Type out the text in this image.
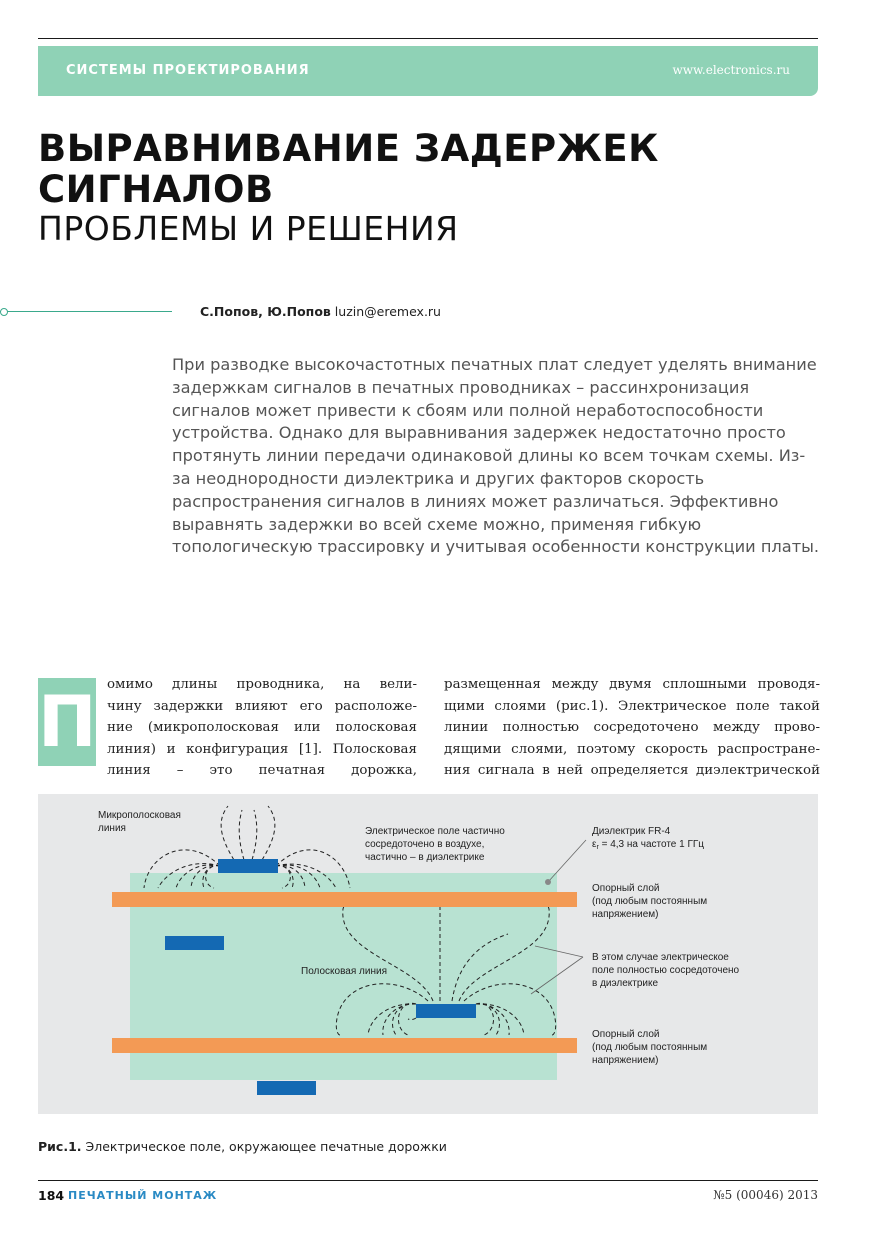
СИСТЕМЫ ПРОЕКТИРОВАНИЯ	www.electronics.ru
ВЫРАВНИВАНИЕ ЗАДЕРЖЕК
СИГНАЛОВ
ПРОБЛЕМЫ И РЕШЕНИЯ
С.Попов, Ю.Попов luzin@eremex.ru

При разводке высокочастотных печатных плат следует уделять внимание задержкам сигналов в печатных проводниках – рассинхронизация сигналов может привести к сбоям или полной неработоспособности устройства. Однако для выравнивания задержек недостаточно просто протянуть линии передачи одинаковой длины ко всем точкам схемы. Из-за неоднородности диэлектрика и других факторов скорость распространения сигналов в линиях может различаться. Эффективно выравнять задержки во всей схеме можно, применяя гибкую топологическую трассировку и учитывая особенности конструкции платы.

П омимо длины проводника, на вели-
чину задержки влияют его расположе-
ние (микрополосковая или полосковая
линия) и конфигурация [1]. Полосковая
линия – это печатная дорожка,
размещенная между двумя сплошными проводя-
щими слоями (рис.1). Электрическое поле такой
линии полностью сосредоточено между прово-
дящими слоями, поэтому скорость распростране-
ния сигнала в ней определяется диэлектрической
Микрополосковая
линия	Электрическое поле частично
сосредоточено в воздухе,
частично – в диэлектрике
Диэлектрик FR-4
$\varepsilon_r = 4,3$ на частоте 1 ГГц
Опорный слой
(под любым постоянным
напряжением)
Полосковая линия
В этом случае электрическое
поле полностью сосредоточено
в диэлектрике
Опорный слой
(под любым постоянным
напряжением)
Рис.1. Электрическое поле, окружающее печатные дорожки
184 ПЕЧАТНЫЙ МОНТАЖ	№5 (00046) 2013
